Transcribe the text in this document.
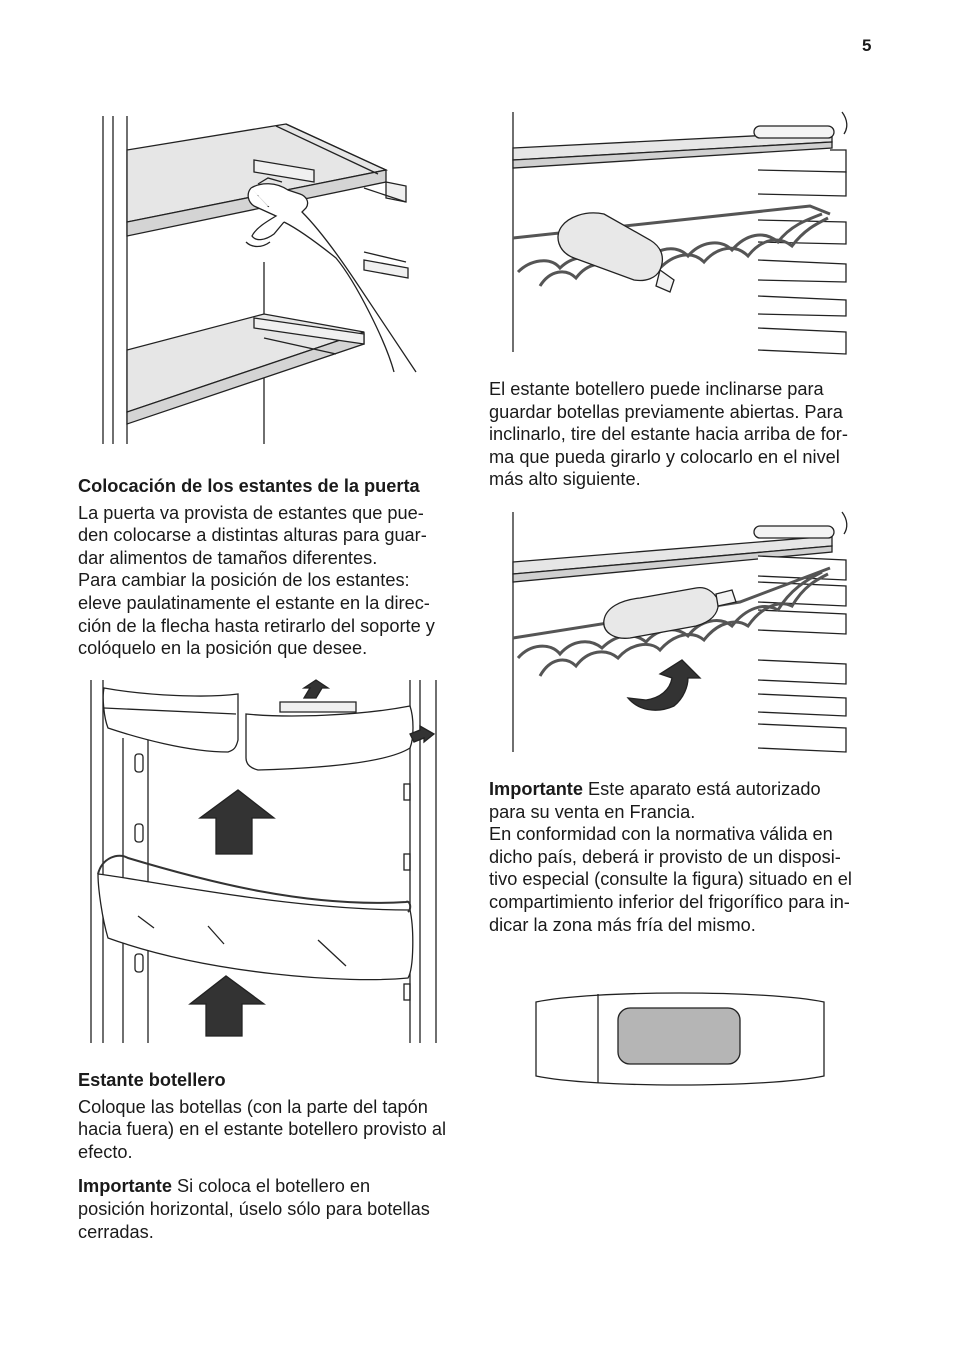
5

El estante botellero puede inclinarse para

guardar botellas previamente abiertas. Para

inclinarlo, tire del estante hacia arriba de for-

ma que pueda girarlo y colocarlo en el nivel

más alto siguiente.

Colocación de los estantes de la puerta

La puerta va provista de estantes que pue-

den colocarse a distintas alturas para guar-

dar alimentos de tamaños diferentes.

Para cambiar la posición de los estantes:

eleve paulatinamente el estante en la direc-

ción de la flecha hasta retirarlo del soporte y

colóquelo en la posición que desee.

Importante Este aparato está autorizado

para su venta en Francia.

En conformidad con la normativa válida en

dicho país, deberá ir provisto de un disposi-

tivo especial (consulte la figura) situado en el

compartimiento inferior del frigorífico para in-

dicar la zona más fría del mismo.

Estante botellero

Coloque las botellas (con la parte del tapón

hacia fuera) en el estante botellero provisto al

efecto.

Importante Si coloca el botellero en

posición horizontal, úselo sólo para botellas

cerradas.
